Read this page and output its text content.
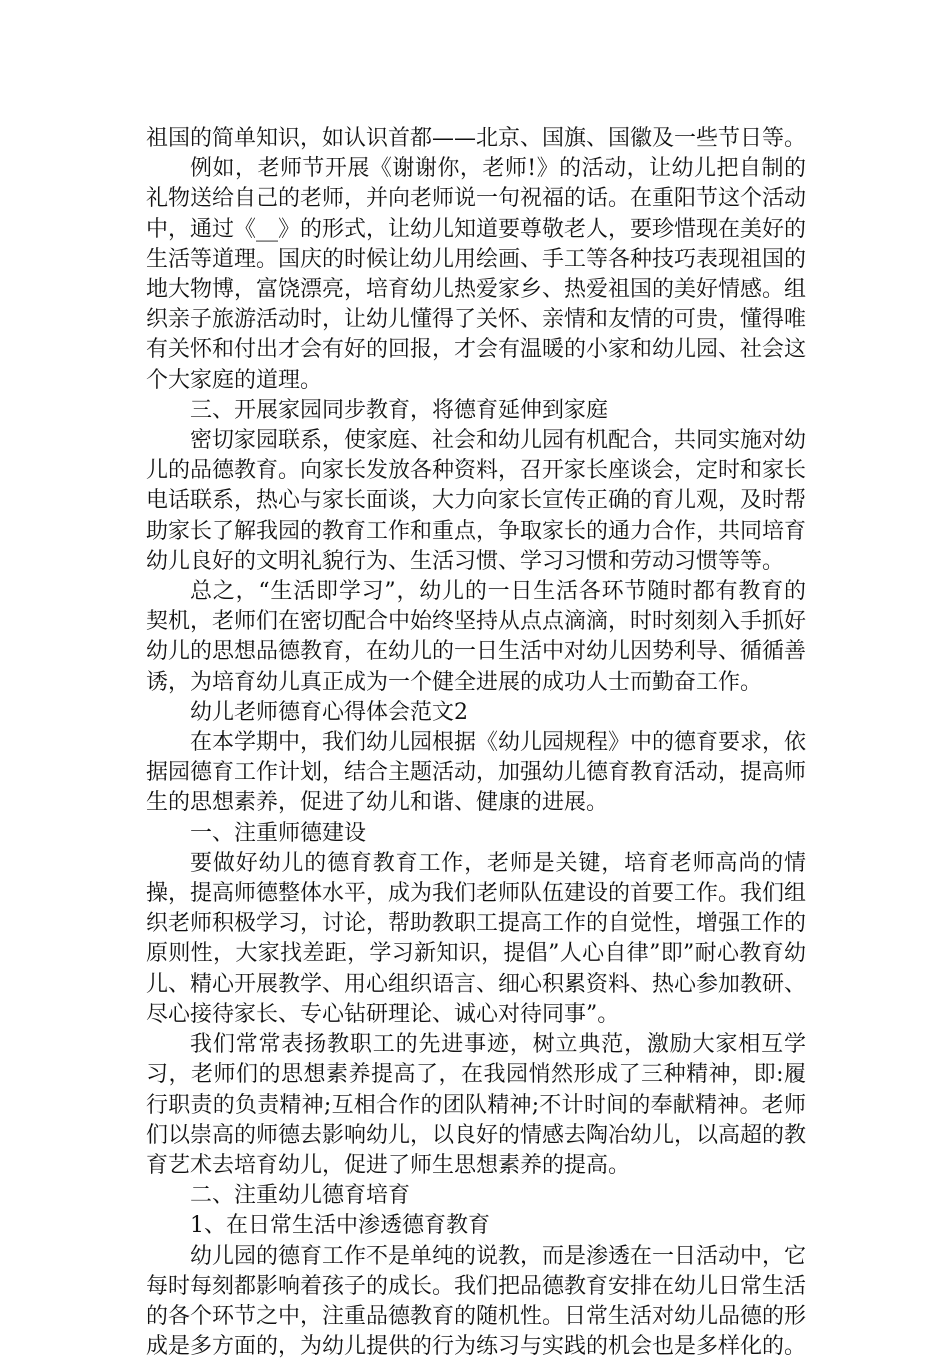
祖国的简单知识，如认识首都——北京、国旗、国徽及一些节日等。

例如，老师节开展《谢谢你，老师!》的活动，让幼儿把自制的礼物送给自己的老师，并向老师说一句祝福的话。在重阳节这个活动中，通过《__》的形式，让幼儿知道要尊敬老人，要珍惜现在美好的生活等道理。国庆的时候让幼儿用绘画、手工等各种技巧表现祖国的地大物博，富饶漂亮，培育幼儿热爱家乡、热爱祖国的美好情感。组织亲子旅游活动时，让幼儿懂得了关怀、亲情和友情的可贵，懂得唯有关怀和付出才会有好的回报，才会有温暖的小家和幼儿园、社会这个大家庭的道理。

三、开展家园同步教育，将德育延伸到家庭

密切家园联系，使家庭、社会和幼儿园有机配合，共同实施对幼儿的品德教育。向家长发放各种资料，召开家长座谈会，定时和家长电话联系，热心与家长面谈，大力向家长宣传正确的育儿观，及时帮助家长了解我园的教育工作和重点，争取家长的通力合作，共同培育幼儿良好的文明礼貌行为、生活习惯、学习习惯和劳动习惯等等。

总之，“生活即学习”，幼儿的一日生活各环节随时都有教育的契机，老师们在密切配合中始终坚持从点点滴滴，时时刻刻入手抓好幼儿的思想品德教育，在幼儿的一日生活中对幼儿因势利导、循循善诱，为培育幼儿真正成为一个健全进展的成功人士而勤奋工作。

幼儿老师德育心得体会范文2

在本学期中，我们幼儿园根据《幼儿园规程》中的德育要求，依据园德育工作计划，结合主题活动，加强幼儿德育教育活动，提高师生的思想素养，促进了幼儿和谐、健康的进展。

一、注重师德建设

要做好幼儿的德育教育工作，老师是关键，培育老师高尚的情操，提高师德整体水平，成为我们老师队伍建设的首要工作。我们组织老师积极学习，讨论，帮助教职工提高工作的自觉性，增强工作的原则性，大家找差距，学习新知识，提倡”人心自律”即”耐心教育幼儿、精心开展教学、用心组织语言、细心积累资料、热心参加教研、尽心接待家长、专心钻研理论、诚心对待同事”。

我们常常表扬教职工的先进事迹，树立典范，激励大家相互学习，老师们的思想素养提高了，在我园悄然形成了三种精神，即:履行职责的负责精神;互相合作的团队精神;不计时间的奉献精神。老师们以崇高的师德去影响幼儿，以良好的情感去陶冶幼儿，以高超的教育艺术去培育幼儿，促进了师生思想素养的提高。

二、注重幼儿德育培育

1、在日常生活中渗透德育教育

幼儿园的德育工作不是单纯的说教，而是渗透在一日活动中，它每时每刻都影响着孩子的成长。我们把品德教育安排在幼儿日常生活的各个环节之中，注重品德教育的随机性。日常生活对幼儿品德的形成是多方面的，为幼儿提供的行为练习与实践的机会也是多样化的。
